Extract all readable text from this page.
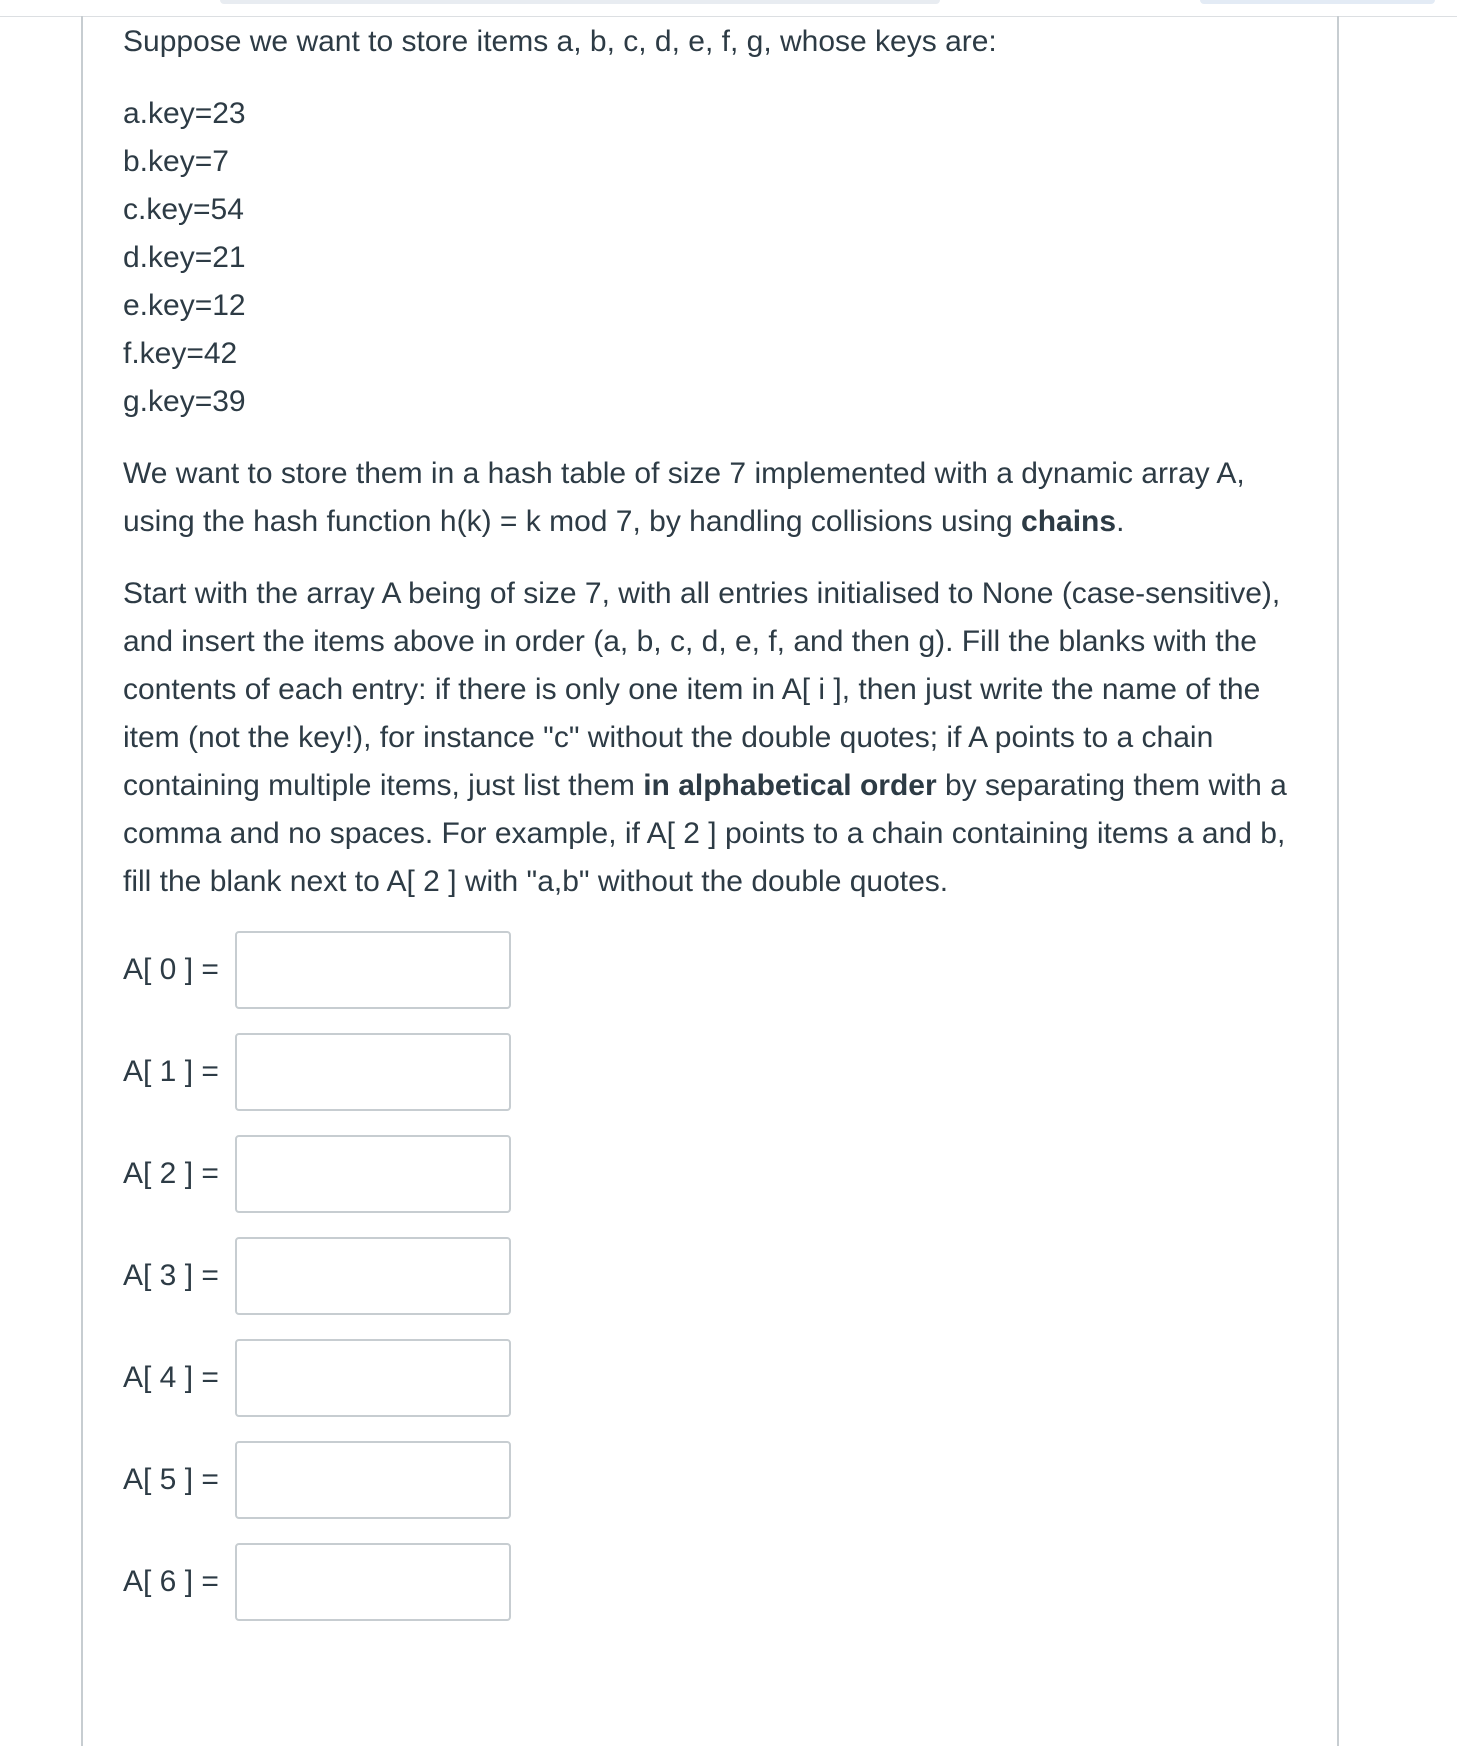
Suppose we want to store items a, b, c, d, e, f, g, whose keys are:

a.key=23
b.key=7
c.key=54
d.key=21
e.key=12
f.key=42
g.key=39

We want to store them in a hash table of size 7 implemented with a dynamic array A, using the hash function h(k) = k mod 7, by handling collisions using chains.

Start with the array A being of size 7, with all entries initialised to None (case-sensitive), and insert the items above in order (a, b, c, d, e, f, and then g). Fill the blanks with the contents of each entry: if there is only one item in A[ i ], then just write the name of the item (not the key!), for instance "c" without the double quotes; if A points to a chain containing multiple items, just list them in alphabetical order by separating them with a comma and no spaces. For example, if A[ 2 ] points to a chain containing items a and b, fill the blank next to A[ 2 ] with "a,b" without the double quotes.

A[ 0 ] =
A[ 1 ] =
A[ 2 ] =
A[ 3 ] =
A[ 4 ] =
A[ 5 ] =
A[ 6 ] =
